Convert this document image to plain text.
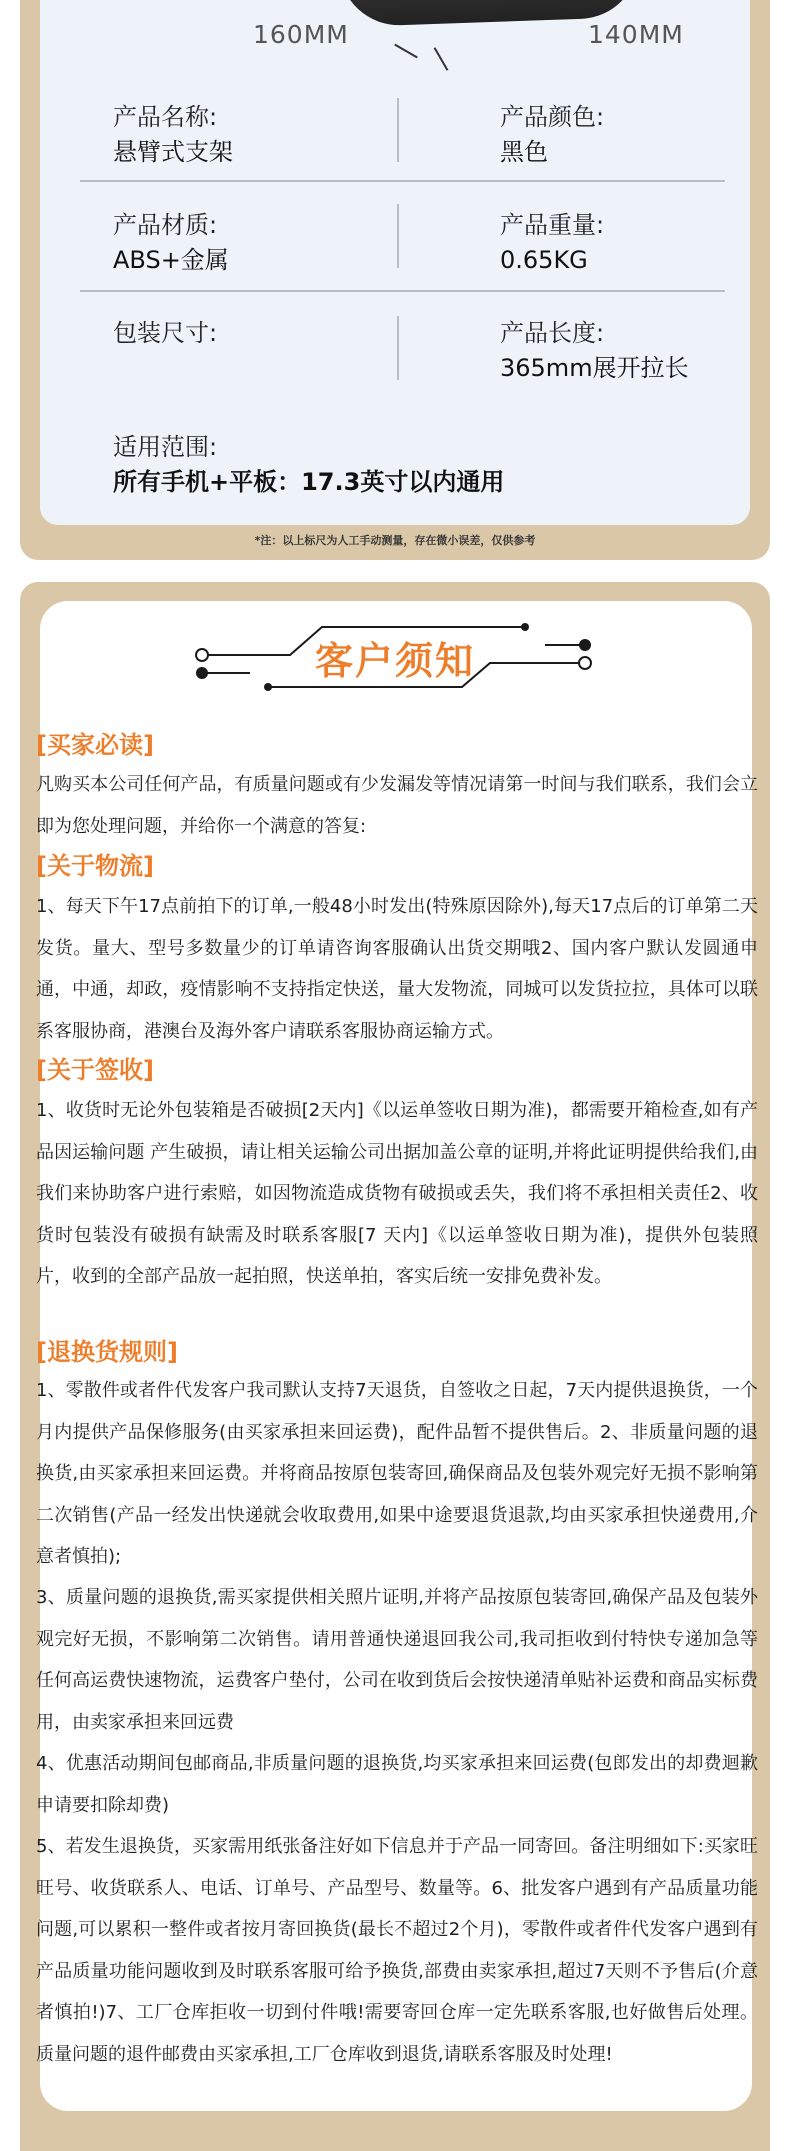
160MM	140MM
产品名称:
悬臂式支架
产品颜色:
黑色
产品材质:
ABS+金属
产品重量:
0.65KG
包装尺寸:	产品长度:
365mm展开拉长
适用范围:
所有手机+平板：17.3英寸以内通用
*注：以上标尺为人工手动测量，存在微小误差，仅供参考
客户须知
[买家必读]
凡购买本公司任何产品，有质量问题或有少发漏发等情况请第一时间与我们联系，我们会立即为您处理问题，并给你一个满意的答复:
[关于物流]
1、每天下午17点前拍下的订单,一般48小时发出(特殊原因除外),每天17点后的订单第二天发货。量大、型号多数量少的订单请咨询客服确认出货交期哦2、国内客户默认发圆通申通，中通，却政，疫情影响不支持指定快送，量大发物流，同城可以发货拉拉，具体可以联系客服协商，港澳台及海外客户请联系客服协商运输方式。
[关于签收]
1、收货时无论外包装箱是否破损[2天内]《以运单签收日期为准)，都需要开箱检查,如有产品因运输问题 产生破损，请让相关运输公司出据加盖公章的证明,并将此证明提供给我们,由我们来协助客户进行索赔，如因物流造成货物有破损或丢失，我们将不承担相关责任2、收货时包装没有破损有缺需及时联系客服[7 天内]《以运单签收日期为准)，提供外包装照片，收到的全部产品放一起拍照，快送单拍，客实后统一安排免费补发。
[退换货规则]
1、零散件或者件代发客户我司默认支持7天退货，自签收之日起，7天内提供退换货，一个月内提供产品保修服务(由买家承担来回运费)，配件品暂不提供售后。2、非质量问题的退换货,由买家承担来回运费。并将商品按原包装寄回,确保商品及包装外观完好无损不影响第二次销售(产品一经发出快递就会收取费用,如果中途要退货退款,均由买家承担快递费用,介意者慎拍);
3、质量问题的退换货,需买家提供相关照片证明,并将产品按原包装寄回,确保产品及包装外观完好无损，不影响第二次销售。请用普通快递退回我公司,我司拒收到付特快专递加急等任何高运费快速物流，运费客户垫付，公司在收到货后会按快递清单贴补运费和商品实标费用，由卖家承担来回远费
4、优惠活动期间包邮商品,非质量问题的退换货,均买家承担来回运费(包郎发出的却费迴歉申请要扣除却费)
5、若发生退换货，买家需用纸张备注好如下信息并于产品一同寄回。备注明细如下:买家旺旺号、收货联系人、电话、订单号、产品型号、数量等。6、批发客户遇到有产品质量功能问题,可以累积一整件或者按月寄回换货(最长不超过2个月)，零散件或者件代发客户遇到有产品质量功能问题收到及时联系客服可给予换货,部费由卖家承担,超过7天则不予售后(介意者慎拍!)7、工厂仓库拒收一切到付件哦!需要寄回仓库一定先联系客服,也好做售后处理。质量问题的退件邮费由买家承担,工厂仓库收到退货,请联系客服及时处理!
